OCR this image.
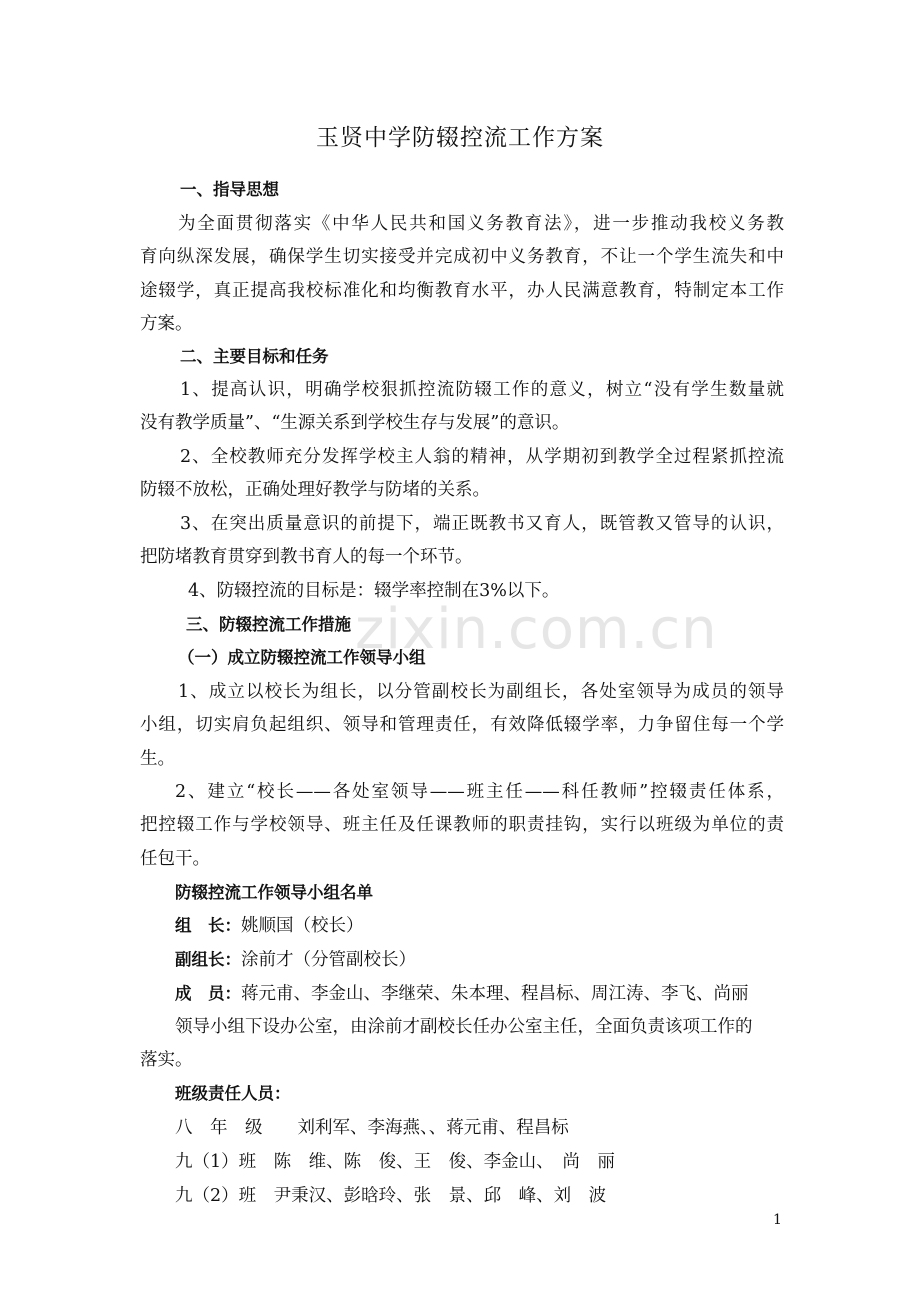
zixin.com.cn
玉贤中学防辍控流工作方案
一、指导思想
为全面贯彻落实《中华人民共和国义务教育法》，进一步推动我校义务教
育向纵深发展，确保学生切实接受并完成初中义务教育，不让一个学生流失和中
途辍学，真正提高我校标准化和均衡教育水平，办人民满意教育，特制定本工作
方案。
二、主要目标和任务
1、提高认识，明确学校狠抓控流防辍工作的意义，树立“没有学生数量就
没有教学质量”、“生源关系到学校生存与发展”的意识。
2、全校教师充分发挥学校主人翁的精神，从学期初到教学全过程紧抓控流
防辍不放松，正确处理好教学与防堵的关系。
3、在突出质量意识的前提下，端正既教书又育人，既管教又管导的认识，
把防堵教育贯穿到教书育人的每一个环节。
4、防辍控流的目标是：辍学率控制在3%以下。
三、防辍控流工作措施
（一）成立防辍控流工作领导小组
1、成立以校长为组长，以分管副校长为副组长，各处室领导为成员的领导
小组，切实肩负起组织、领导和管理责任，有效降低辍学率，力争留住每一个学
生。
2、建立“校长——各处室领导——班主任——科任教师”控辍责任体系，
把控辍工作与学校领导、班主任及任课教师的职责挂钩，实行以班级为单位的责
任包干。
防辍控流工作领导小组名单
组　长：姚顺国（校长）
副组长：涂前才（分管副校长）
成　员：蒋元甫、李金山、李继荣、朱本理、程昌标、周江涛、李飞、尚丽
领导小组下设办公室，由涂前才副校长任办公室主任，全面负责该项工作的
落实。
班级责任人员：
八　年　级　　刘利军、李海燕、、蒋元甫、程昌标
九（1）班　陈　维、陈　俊、王　俊、李金山、　尚　丽
九（2）班　尹秉汉、彭晗玲、张　景、邱　峰、刘　波
1
